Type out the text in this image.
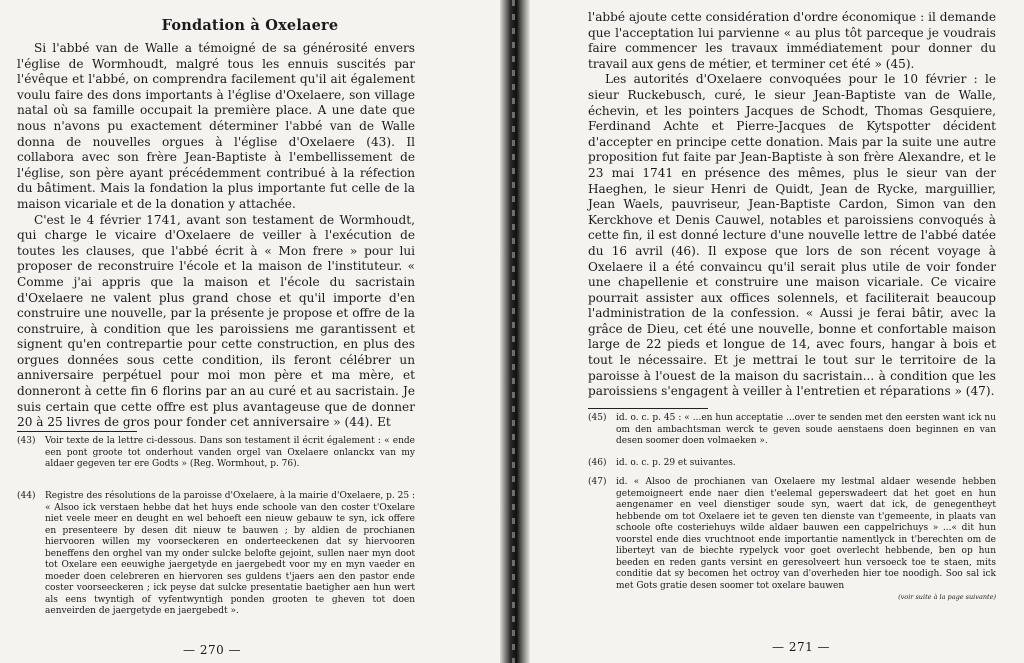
Fondation à Oxelaere

Si l'abbé van de Walle a témoigné de sa générosité envers l'église de Wormhoudt, malgré tous les ennuis suscités par l'évêque et l'abbé, on comprendra facilement qu'il ait également voulu faire des dons importants à l'église d'Oxelaere, son village natal où sa famille occupait la première place. A une date que nous n'avons pu exactement déterminer l'abbé van de Walle donna de nouvelles orgues à l'église d'Oxelaere (43). Il collabora avec son frère Jean-Baptiste à l'embellissement de l'église, son père ayant précédemment contribué à la réfection du bâtiment. Mais la fondation la plus importante fut celle de la maison vicariale et de la donation y attachée.

C'est le 4 février 1741, avant son testament de Wormhoudt, qui charge le vicaire d'Oxelaere de veiller à l'exécution de toutes les clauses, que l'abbé écrit à « Mon frere » pour lui proposer de reconstruire l'école et la maison de l'instituteur. « Comme j'ai appris que la maison et l'école du sacristain d'Oxelaere ne valent plus grand chose et qu'il importe d'en construire une nouvelle, par la présente je propose et offre de la construire, à condition que les paroissiens me garantissent et signent qu'en contrepartie pour cette construction, en plus des orgues données sous cette condition, ils feront célébrer un anniversaire perpétuel pour moi mon père et ma mère, et donneront à cette fin 6 florins par an au curé et au sacristain. Je suis certain que cette offre est plus avantageuse que de donner 20 à 25 livres de gros pour fonder cet anniversaire » (44). Et

(43) Voir texte de la lettre ci-dessous. Dans son testament il écrit également : « ende een pont groote tot onderhout vanden orgel van Oxelaere onlanckx van my aldaer gegeven ter ere Godts » (Reg. Wormhout, p. 76).
(44) Registre des résolutions de la paroisse d'Oxelaere, à la mairie d'Oxelaere, p. 25 : « Alsoo ick verstaen hebbe dat het huys ende schoole van den coster t'Oxelare niet veele meer en deught en wel behoeft een nieuw gebauw te syn, ick offere en presenteere by desen dit nieuw te bauwen ; by aldien de prochianen hiervooren willen my voorseckeren en onderteeckenen dat sy hiervooren beneffens den orghel van my onder sulcke belofte gejoint, sullen naer myn doot tot Oxelare een eeuwighe jaergetyde en jaergebedt voor my en myn vaeder en moeder doen celebreren en hiervoren ses guldens t'jaers aen den pastor ende coster voorseeckeren ; ick peyse dat sulcke presentatie baetigher aen hun wert als eens twyntigh of vyfentwyntigh ponden grooten te gheven tot doen aenveirden de jaergetyde en jaergebedt ».
— 270 —

l'abbé ajoute cette considération d'ordre économique : il demande que l'acceptation lui parvienne « au plus tôt parceque je voudrais faire commencer les travaux immédiatement pour donner du travail aux gens de métier, et terminer cet été » (45).

Les autorités d'Oxelaere convoquées pour le 10 février : le sieur Ruckebusch, curé, le sieur Jean-Baptiste van de Walle, échevin, et les pointers Jacques de Schodt, Thomas Gesquiere, Ferdinand Achte et Pierre-Jacques de Kytspotter décident d'accepter en principe cette donation. Mais par la suite une autre proposition fut faite par Jean-Baptiste à son frère Alexandre, et le 23 mai 1741 en présence des mêmes, plus le sieur van der Haeghen, le sieur Henri de Quidt, Jean de Rycke, marguillier, Jean Waels, pauvriseur, Jean-Baptiste Cardon, Simon van den Kerckhove et Denis Cauwel, notables et paroissiens convoqués à cette fin, il est donné lecture d'une nouvelle lettre de l'abbé datée du 16 avril (46). Il expose que lors de son récent voyage à Oxelaere il a été convaincu qu'il serait plus utile de voir fonder une chapellenie et construire une maison vicariale. Ce vicaire pourrait assister aux offices solennels, et faciliterait beaucoup l'administration de la confession. « Aussi je ferai bâtir, avec la grâce de Dieu, cet été une nouvelle, bonne et confortable maison large de 22 pieds et longue de 14, avec fours, hangar à bois et tout le nécessaire. Et je mettrai le tout sur le territoire de la paroisse à l'ouest de la maison du sacristain... à condition que les paroissiens s'engagent à veiller à l'entretien et réparations » (47).

(45) id. o. c. p. 45 : « ...en hun acceptatie ...over te senden met den eersten want ick nu om den ambachtsman werck te geven soude aenstaens doen beginnen en van desen soomer doen volmaeken ».
(46) id. o. c. p. 29 et suivantes.
(47) id. « Alsoo de prochianen van Oxelaere my lestmal aldaer wesende hebben getemoigneert ende naer dien t'eelemal geperswadeert dat het goet en hun aengenamer en veel dienstiger soude syn, waert dat ick, de genegentheyt hebbende om tot Oxelaere iet te geven ten dienste van t'gemeente, in plaats van schoole ofte costeriehuys wilde aldaer bauwen een cappelrichuys » ...« dit hun voorstel ende dies vruchtnoot ende importantie namentlyck in t'berechten om de liberteyt van de biechte rypelyck voor goet overlecht hebbende, ben op hun beeden en reden gants versint en geresolveert hun versoeck toe te staen, mits conditie dat sy becomen het octroy van d'overheden hier toe noodigh. Soo sal ick met Gots gratie desen soomer tot oxelare bauwen
(voir suite à la page suivante)
— 271 —
